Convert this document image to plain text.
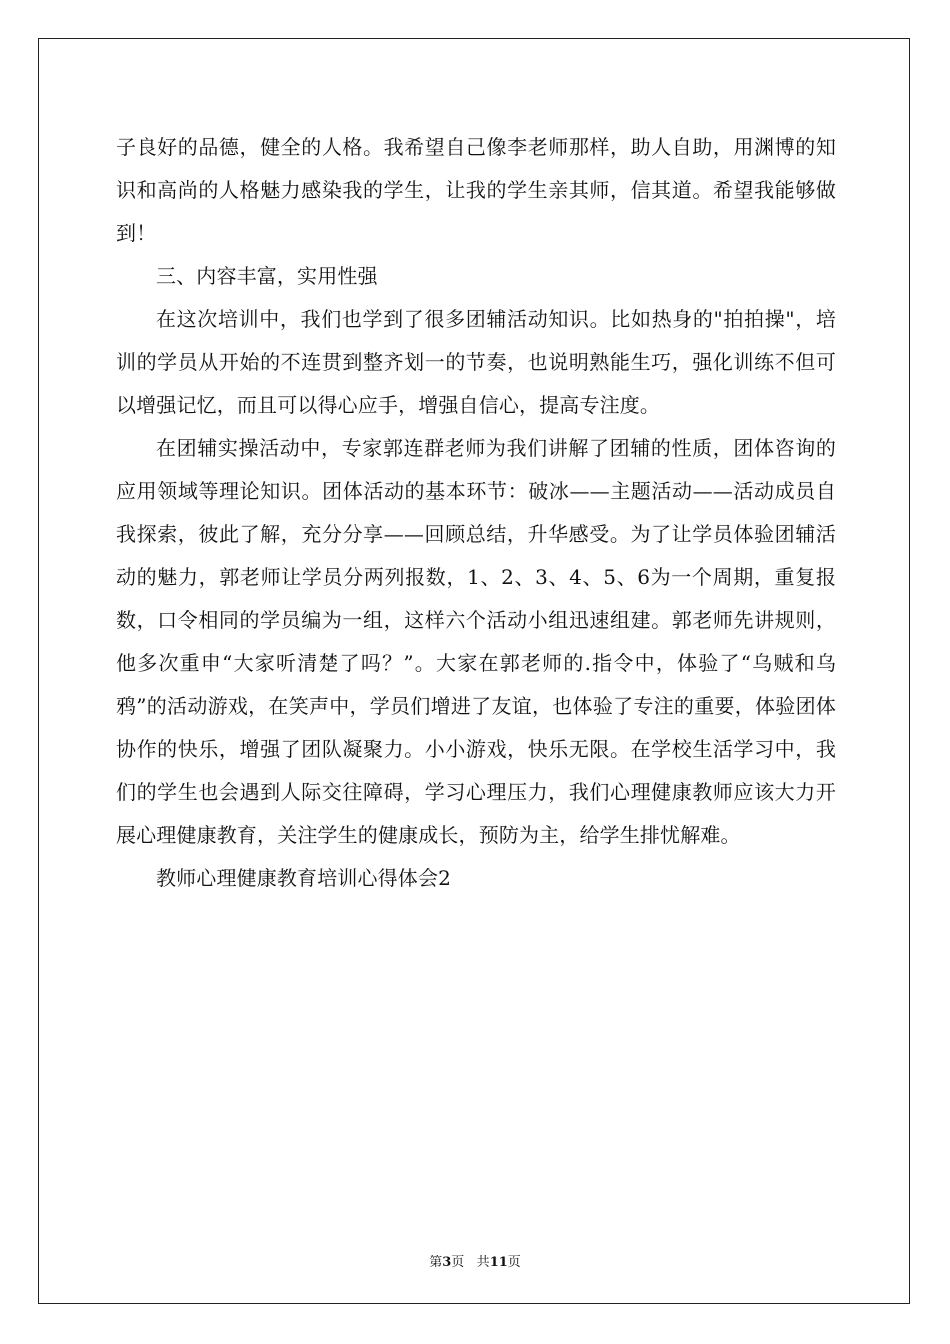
子良好的品德，健全的人格。我希望自己像李老师那样，助人自助，用渊博的知识和高尚的人格魅力感染我的学生，让我的学生亲其师，信其道。希望我能够做到！

三、内容丰富，实用性强

在这次培训中，我们也学到了很多团辅活动知识。比如热身的"拍拍操"，培训的学员从开始的不连贯到整齐划一的节奏，也说明熟能生巧，强化训练不但可以增强记忆，而且可以得心应手，增强自信心，提高专注度。

在团辅实操活动中，专家郭连群老师为我们讲解了团辅的性质，团体咨询的应用领域等理论知识。团体活动的基本环节：破冰——主题活动——活动成员自我探索，彼此了解，充分分享——回顾总结，升华感受。为了让学员体验团辅活动的魅力，郭老师让学员分两列报数，1、2、3、4、5、6为一个周期，重复报数，口令相同的学员编为一组，这样六个活动小组迅速组建。郭老师先讲规则，他多次重申“大家听清楚了吗？”。大家在郭老师的.指令中，体验了“乌贼和乌鸦”的活动游戏，在笑声中，学员们增进了友谊，也体验了专注的重要，体验团体协作的快乐，增强了团队凝聚力。小小游戏，快乐无限。在学校生活学习中，我们的学生也会遇到人际交往障碍，学习心理压力，我们心理健康教师应该大力开展心理健康教育，关注学生的健康成长，预防为主，给学生排忧解难。

教师心理健康教育培训心得体会2

第3页 共11页
